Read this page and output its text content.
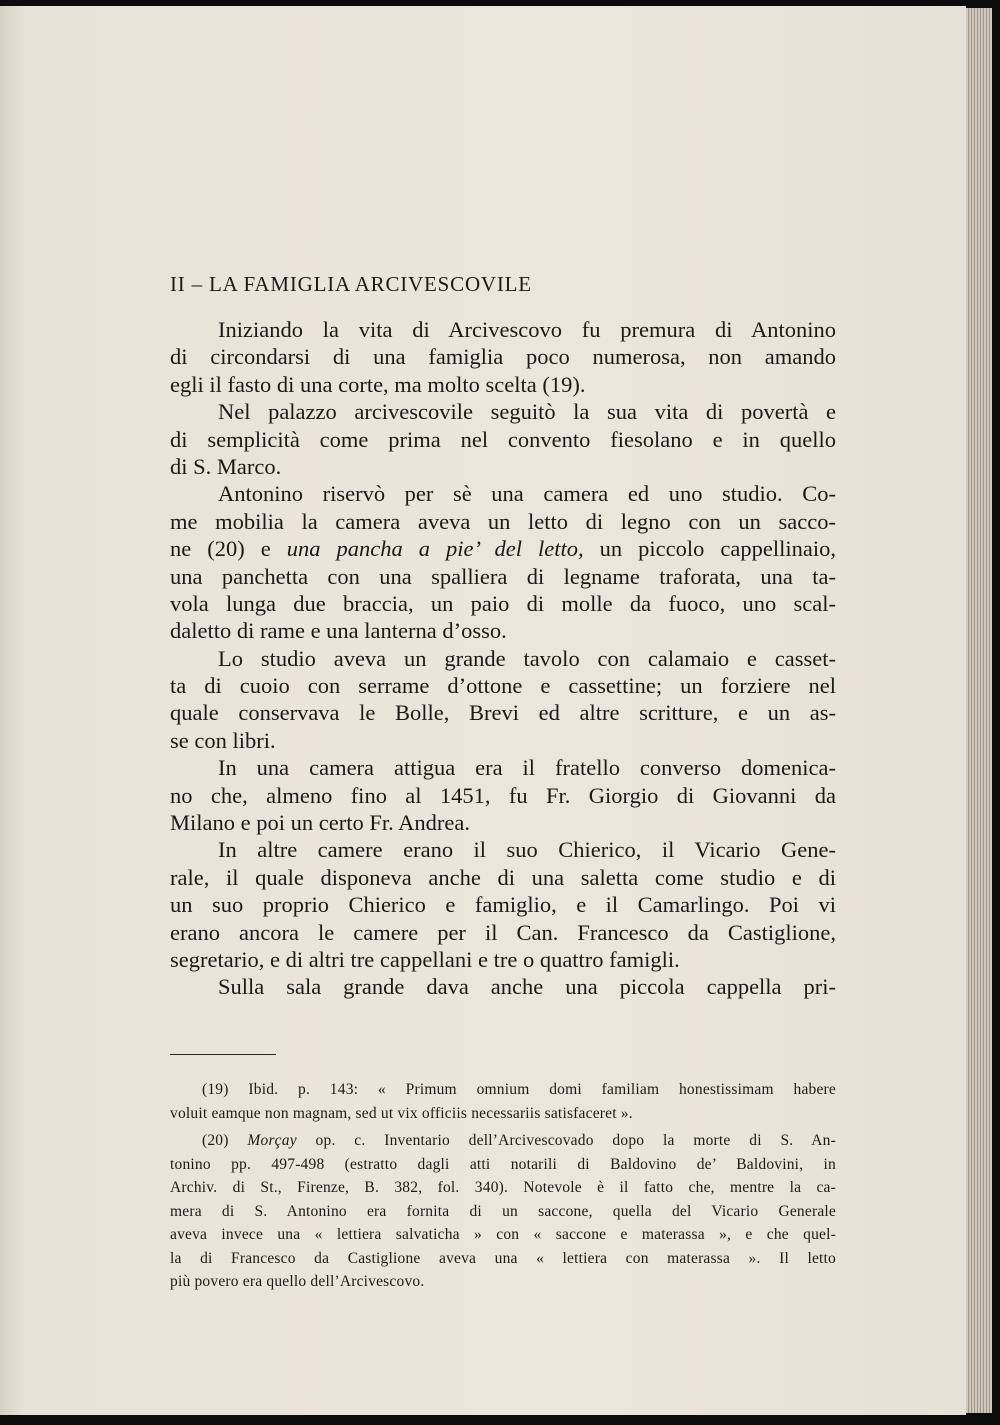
II – LA FAMIGLIA ARCIVESCOVILE
Iniziando la vita di Arcivescovo fu premura di Antonino
di circondarsi di una famiglia poco numerosa, non amando
egli il fasto di una corte, ma molto scelta (19).
Nel palazzo arcivescovile seguitò la sua vita di povertà e
di semplicità come prima nel convento fiesolano e in quello
di S. Marco.
Antonino riservò per sè una camera ed uno studio. Co-
me mobilia la camera aveva un letto di legno con un sacco-
ne (20) e una pancha a pie’ del letto, un piccolo cappellinaio,
una panchetta con una spalliera di legname traforata, una ta-
vola lunga due braccia, un paio di molle da fuoco, uno scal-
daletto di rame e una lanterna d’osso.
Lo studio aveva un grande tavolo con calamaio e casset-
ta di cuoio con serrame d’ottone e cassettine; un forziere nel
quale conservava le Bolle, Brevi ed altre scritture, e un as-
se con libri.
In una camera attigua era il fratello converso domenica-
no che, almeno fino al 1451, fu Fr. Giorgio di Giovanni da
Milano e poi un certo Fr. Andrea.
In altre camere erano il suo Chierico, il Vicario Gene-
rale, il quale disponeva anche di una saletta come studio e di
un suo proprio Chierico e famiglio, e il Camarlingo. Poi vi
erano ancora le camere per il Can. Francesco da Castiglione,
segretario, e di altri tre cappellani e tre o quattro famigli.
Sulla sala grande dava anche una piccola cappella pri-
(19) Ibid. p. 143: « Primum omnium domi familiam honestissimam habere
voluit eamque non magnam, sed ut vix officiis necessariis satisfaceret ».
(20) Morçay op. c. Inventario dell’Arcivescovado dopo la morte di S. An-
tonino pp. 497-498 (estratto dagli atti notarili di Baldovino de’ Baldovini, in
Archiv. di St., Firenze, B. 382, fol. 340). Notevole è il fatto che, mentre la ca-
mera di S. Antonino era fornita di un saccone, quella del Vicario Generale
aveva invece una « lettiera salvaticha » con « saccone e materassa », e che quel-
la di Francesco da Castiglione aveva una « lettiera con materassa ». Il letto
più povero era quello dell’Arcivescovo.
